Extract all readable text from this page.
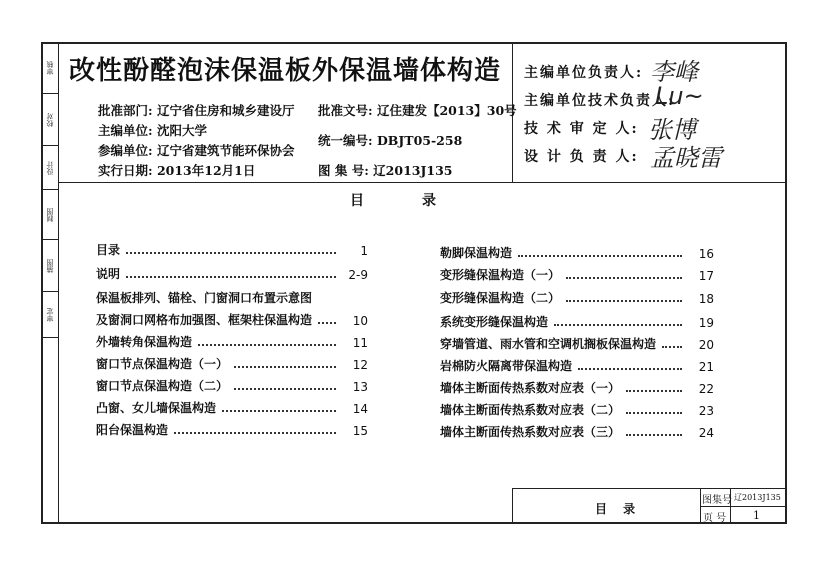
审核
校对
设计
制图
描图
审定
改性酚醛泡沫保温板外保温墙体构造
批准部门: 辽宁省住房和城乡建设厅
主编单位: 沈阳大学
参编单位: 辽宁省建筑节能环保协会
实行日期: 2013年12月1日
批准文号: 辽住建发【2013】30号
统一编号: DBJT05-258
图 集 号: 辽2013J135
主编单位负责人: 李峰
主编单位技术负责人:
Lu~
技 术 审 定 人: 张博
设 计 负 责 人: 孟晓雷
目录
目录	1
说明	2-9
保温板排列、锚栓、门窗洞口布置示意图
及窗洞口网格布加强图、框架柱保温构造	10
外墙转角保温构造	11
窗口节点保温构造（一）	12
窗口节点保温构造（二）	13
凸窗、女儿墙保温构造	14
阳台保温构造	15
勒脚保温构造	16
变形缝保温构造（一）	17
变形缝保温构造（二）	18
系统变形缝保温构造	19
穿墙管道、雨水管和空调机搁板保温构造	20
岩棉防火隔离带保温构造	21
墙体主断面传热系数对应表（一）	22
墙体主断面传热系数对应表（二）	23
墙体主断面传热系数对应表（三）	24
目 录
图集号 辽2013J135
页 号 1
